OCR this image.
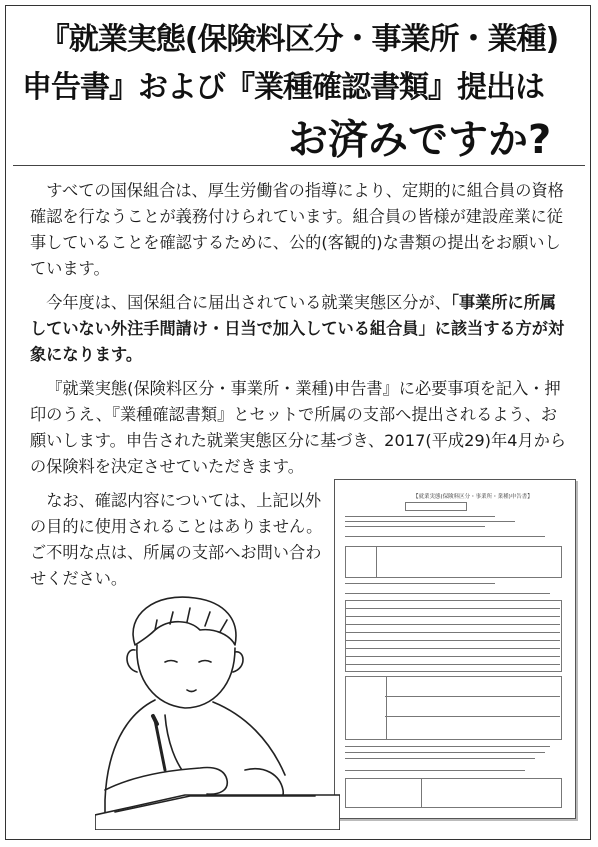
『就業実態(保険料区分・事業所・業種)
申告書』および『業種確認書類』提出は
お済みですか?
すべての国保組合は、厚生労働省の指導により、定期的に組合員の資格確認を行なうことが義務付けられています。組合員の皆様が建設産業に従事していることを確認するために、公的(客観的)な書類の提出をお願いしています。
今年度は、国保組合に届出されている就業実態区分が、「事業所に所属していない外注手間請け・日当で加入している組合員」に該当する方が対象になります。
『就業実態(保険料区分・事業所・業種)申告書』に必要事項を記入・押印のうえ、『業種確認書類』とセットで所属の支部へ提出されるよう、お願いします。申告された就業実態区分に基づき、2017(平成29)年4月からの保険料を決定させていただきます。
なお、確認内容については、上記以外の目的に使用されることはありません。ご不明な点は、所属の支部へお問い合わせください。
【就業実態(保険料区分・事業所・業種)申告書】
